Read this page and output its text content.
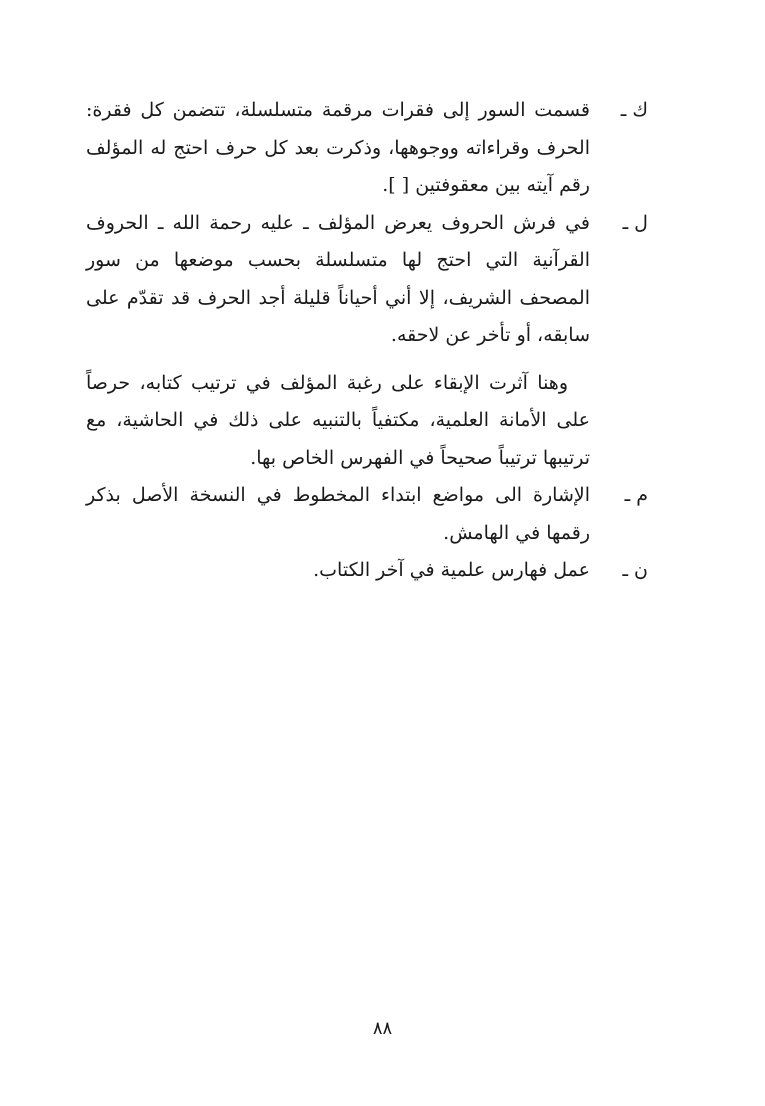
ك ـ
قسمت السور إلى فقرات مرقمة متسلسلة، تتضمن كل فقرة: الحرف وقراءاته ووجوهها، وذكرت بعد كل حرف احتج له المؤلف رقم آيته بين معقوفتين [ ].
ل ـ
في فرش الحروف يعرض المؤلف ـ عليه رحمة الله ـ الحروف القرآنية التي احتج لها متسلسلة بحسب موضعها من سور المصحف الشريف، إلا أني أحياناً قليلة أجد الحرف قد تقدّم على سابقه، أو تأخر عن لاحقه.
وهنا آثرت الإبقاء على رغبة المؤلف في ترتيب كتابه، حرصاً على الأمانة العلمية، مكتفياً بالتنبيه على ذلك في الحاشية، مع ترتيبها ترتيباً صحيحاً في الفهرس الخاص بها.
م ـ
الإشارة الى مواضع ابتداء المخطوط في النسخة الأصل بذكر رقمها في الهامش.
ن ـ
عمل فهارس علمية في آخر الكتاب.
٨٨
